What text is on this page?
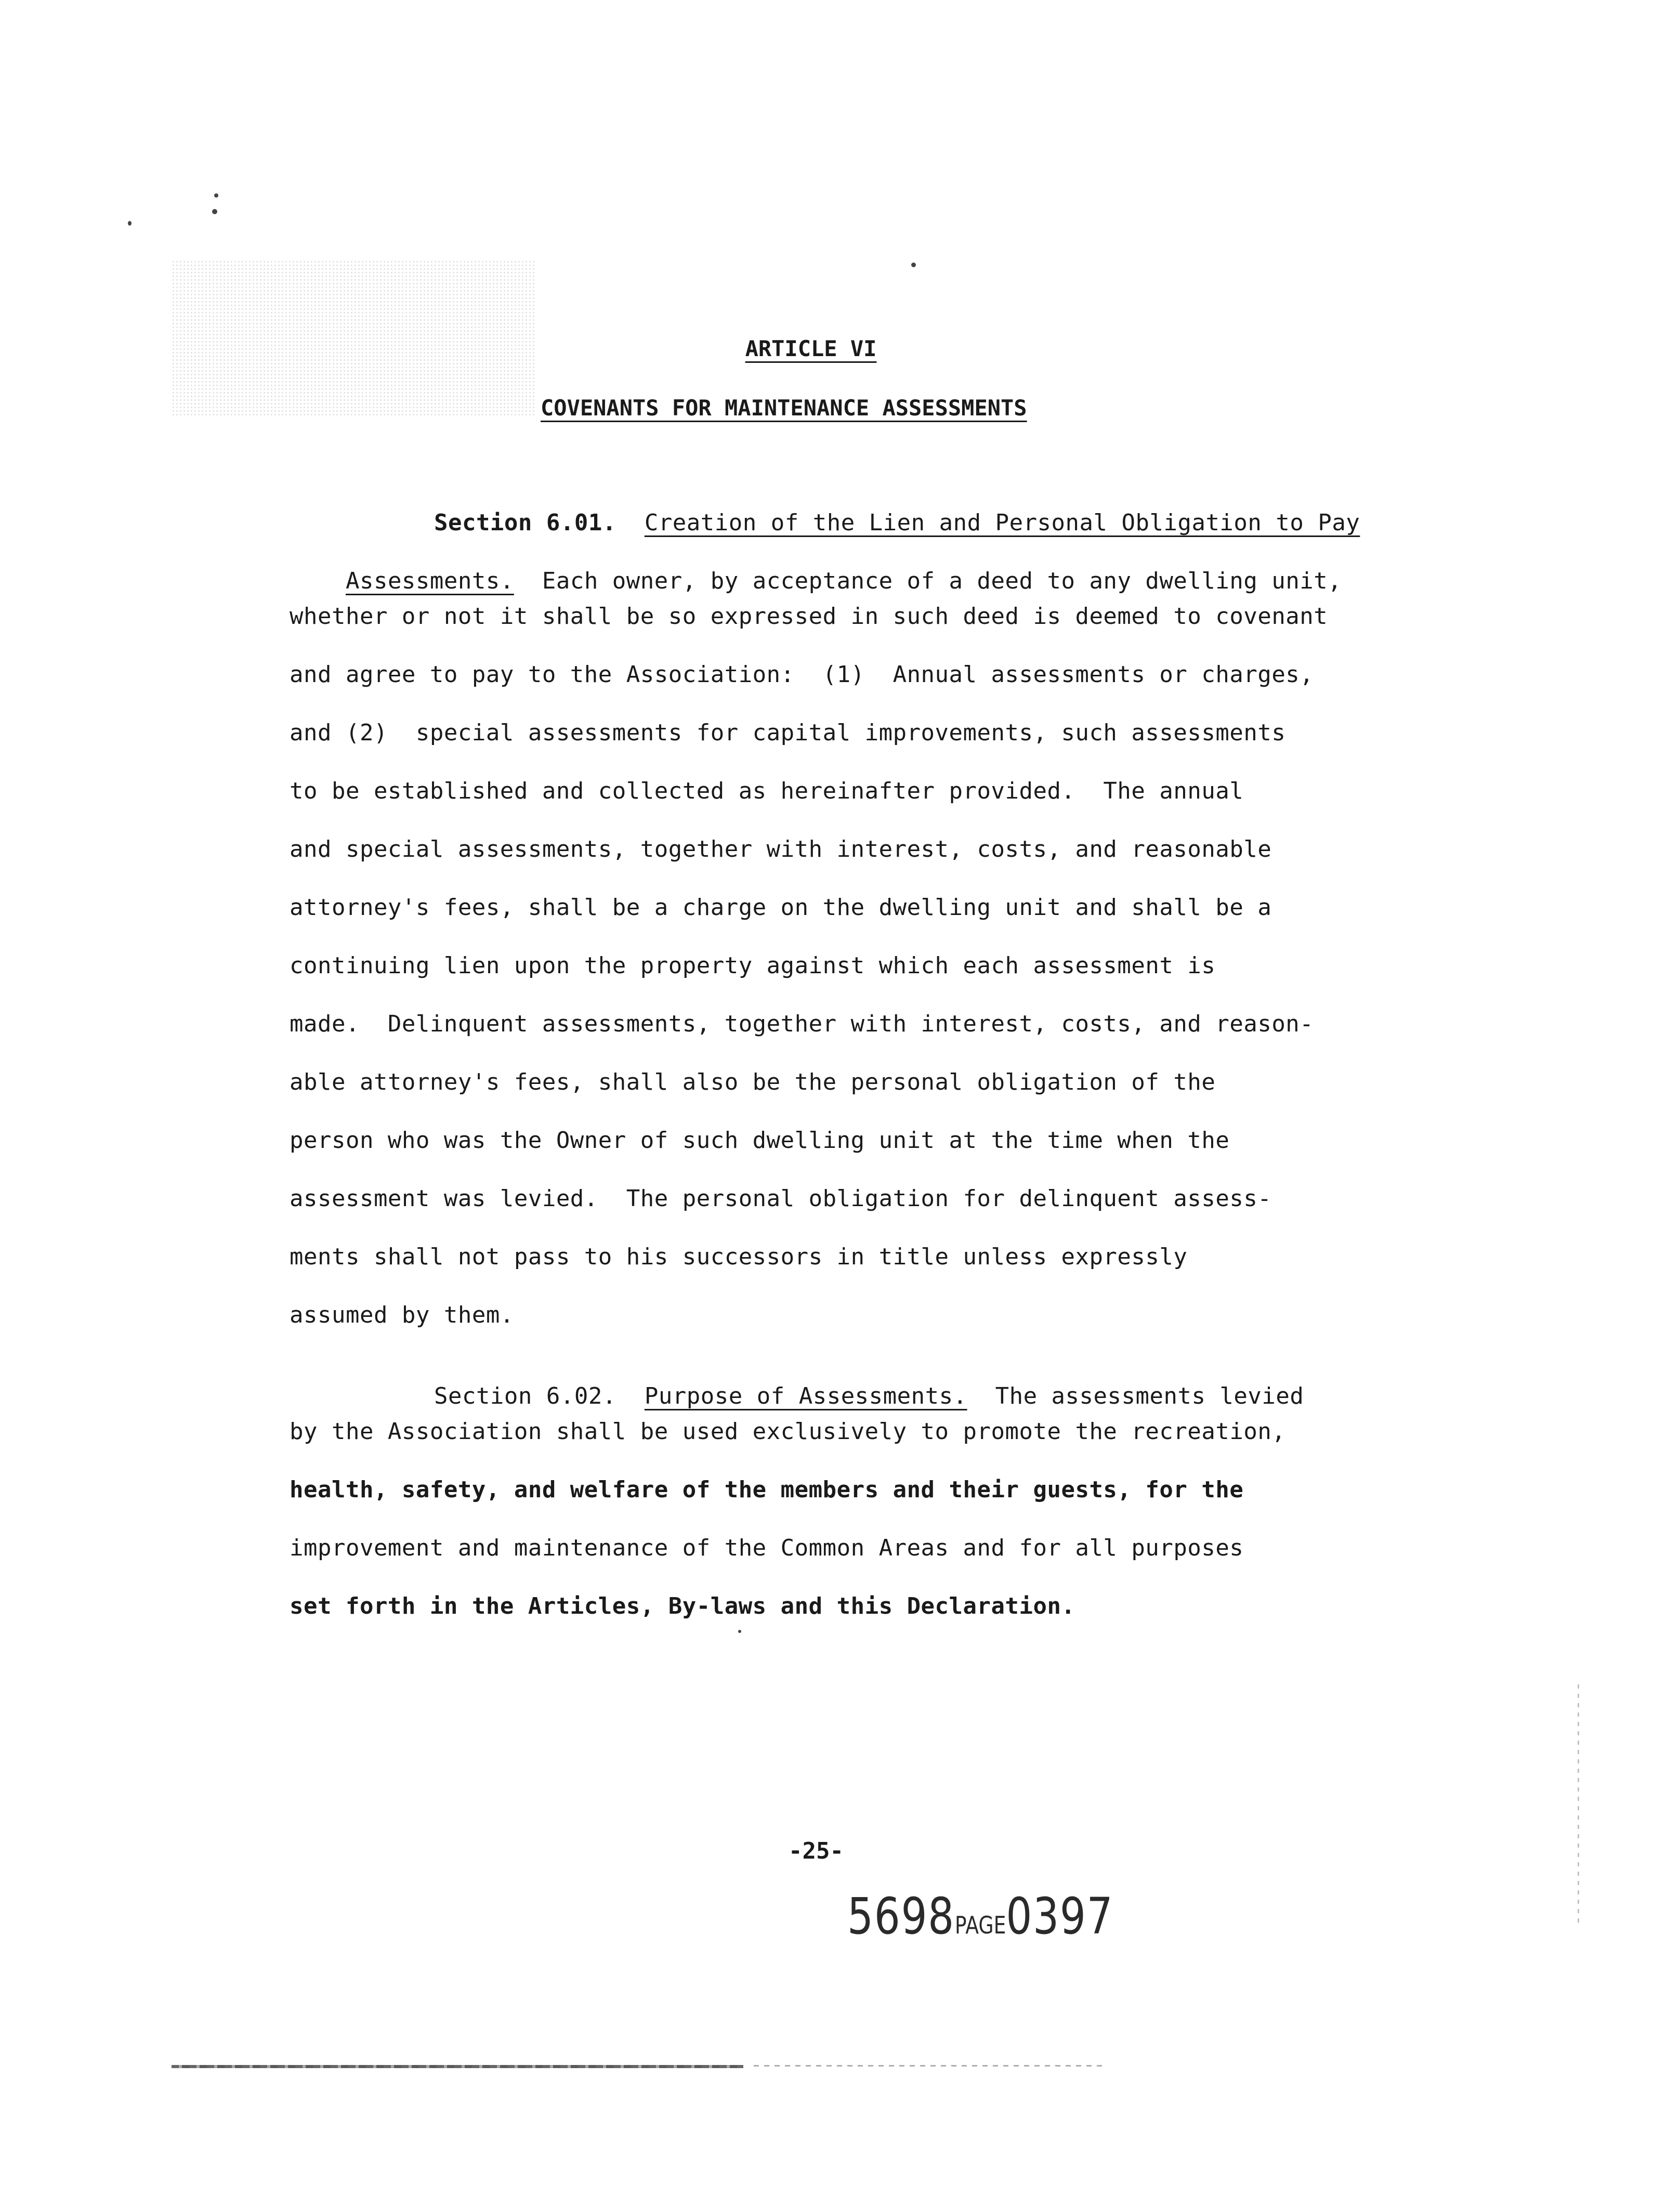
ARTICLE VI
COVENANTS FOR MAINTENANCE ASSESSMENTS

Section 6.01. Creation of the Lien and Personal Obligation to Pay

Assessments. Each owner, by acceptance of a deed to any dwelling unit,

whether or not it shall be so expressed in such deed is deemed to covenant
and agree to pay to the Association:  (1)  Annual assessments or charges,
and (2)  special assessments for capital improvements, such assessments
to be established and collected as hereinafter provided.  The annual
and special assessments, together with interest, costs, and reasonable
attorney's fees, shall be a charge on the dwelling unit and shall be a
continuing lien upon the property against which each assessment is
made.  Delinquent assessments, together with interest, costs, and reason-
able attorney's fees, shall also be the personal obligation of the
person who was the Owner of such dwelling unit at the time when the
assessment was levied.  The personal obligation for delinquent assess-
ments shall not pass to his successors in title unless expressly
assumed by them.

Section 6.02. Purpose of Assessments. The assessments levied

by the Association shall be used exclusively to promote the recreation,
health, safety, and welfare of the members and their guests, for the
improvement and maintenance of the Common Areas and for all purposes
set forth in the Articles, By-laws and this Declaration.
-25-
5698PAGE0397
